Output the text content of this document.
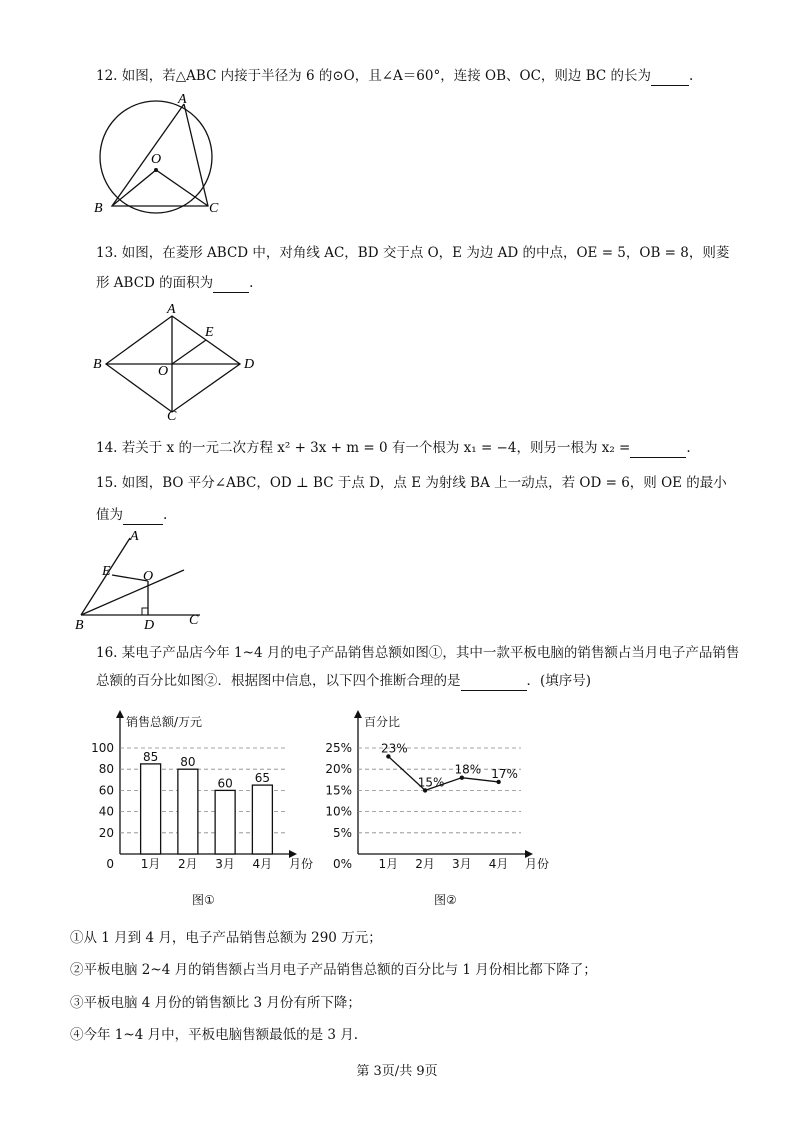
12. 如图，若△ABC 内接于半径为 6 的⊙O，且∠A＝60°，连接 OB、OC，则边 BC 的长为	.
A
O
B	C
13. 如图，在菱形 ABCD 中，对角线 AC，BD 交于点 O，E 为边 AD 的中点，OE = 5，OB = 8，则菱
形 ABCD 的面积为	.
A
E
B	O	D
C
14. 若关于 x 的一元二次方程 x² + 3x + m = 0 有一个根为 x₁ = −4，则另一根为 x₂ =	.
15. 如图，BO 平分∠ABC，OD ⊥ BC 于点 D，点 E 为射线 BA 上一动点，若 OD = 6，则 OE 的最小
值为	.
A
E O
B	D C
16. 某电子产品店今年 1~4 月的电子产品销售总额如图①，其中一款平板电脑的销售额占当月电子产品销售
总额的百分比如图②．根据图中信息，以下四个推断合理的是	．(填序号)
销售总额/万元
月份
0
20
40
60
80
100
1月 2月 3月 4月
85 80
60 65
图①
百分比
月份
0%
5%
10%
15%
20%
25%
1月 2月 3月 4月
23%
15%
18% 17%
图②
①从 1 月到 4 月，电子产品销售总额为 290 万元；
②平板电脑 2~4 月的销售额占当月电子产品销售总额的百分比与 1 月份相比都下降了；
③平板电脑 4 月份的销售额比 3 月份有所下降；
④今年 1~4 月中，平板电脑售额最低的是 3 月.
第 3页/共 9页
